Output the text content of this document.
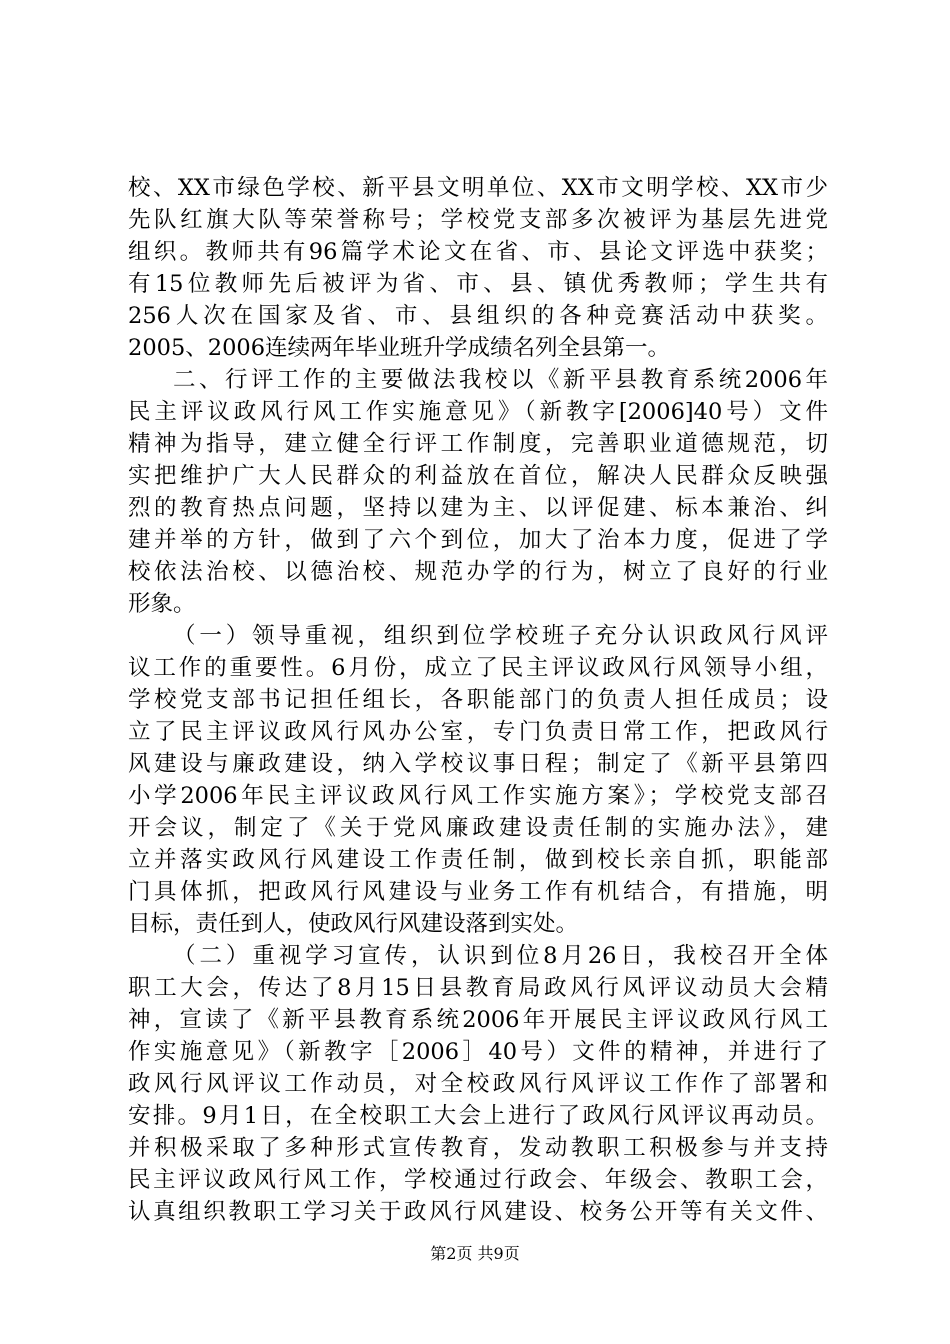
校、XX市绿色学校、新平县文明单位、XX市文明学校、XX市少
先队红旗大队等荣誉称号；学校党支部多次被评为基层先进党
组织。教师共有96篇学术论文在省、市、县论文评选中获奖；
有15位教师先后被评为省、市、县、镇优秀教师；学生共有
256人次在国家及省、市、县组织的各种竞赛活动中获奖。
2005、2006连续两年毕业班升学成绩名列全县第一。
二、行评工作的主要做法我校以《新平县教育系统2006年
民主评议政风行风工作实施意见》（新教字[2006]40号）文件
精神为指导，建立健全行评工作制度，完善职业道德规范，切
实把维护广大人民群众的利益放在首位，解决人民群众反映强
烈的教育热点问题，坚持以建为主、以评促建、标本兼治、纠
建并举的方针，做到了六个到位，加大了治本力度，促进了学
校依法治校、以德治校、规范办学的行为，树立了良好的行业
形象。
（一）领导重视，组织到位学校班子充分认识政风行风评
议工作的重要性。6月份，成立了民主评议政风行风领导小组，
学校党支部书记担任组长，各职能部门的负责人担任成员；设
立了民主评议政风行风办公室，专门负责日常工作，把政风行
风建设与廉政建设，纳入学校议事日程；制定了《新平县第四
小学2006年民主评议政风行风工作实施方案》；学校党支部召
开会议，制定了《关于党风廉政建设责任制的实施办法》，建
立并落实政风行风建设工作责任制，做到校长亲自抓，职能部
门具体抓，把政风行风建设与业务工作有机结合，有措施，明
目标，责任到人，使政风行风建设落到实处。
（二）重视学习宣传，认识到位8月26日，我校召开全体
职工大会，传达了8月15日县教育局政风行风评议动员大会精
神，宣读了《新平县教育系统2006年开展民主评议政风行风工
作实施意见》（新教字［2006］40号）文件的精神，并进行了
政风行风评议工作动员，对全校政风行风评议工作作了部署和
安排。9月1日，在全校职工大会上进行了政风行风评议再动员。
并积极采取了多种形式宣传教育，发动教职工积极参与并支持
民主评议政风行风工作，学校通过行政会、年级会、教职工会，
认真组织教职工学习关于政风行风建设、校务公开等有关文件、
第2页 共9页
